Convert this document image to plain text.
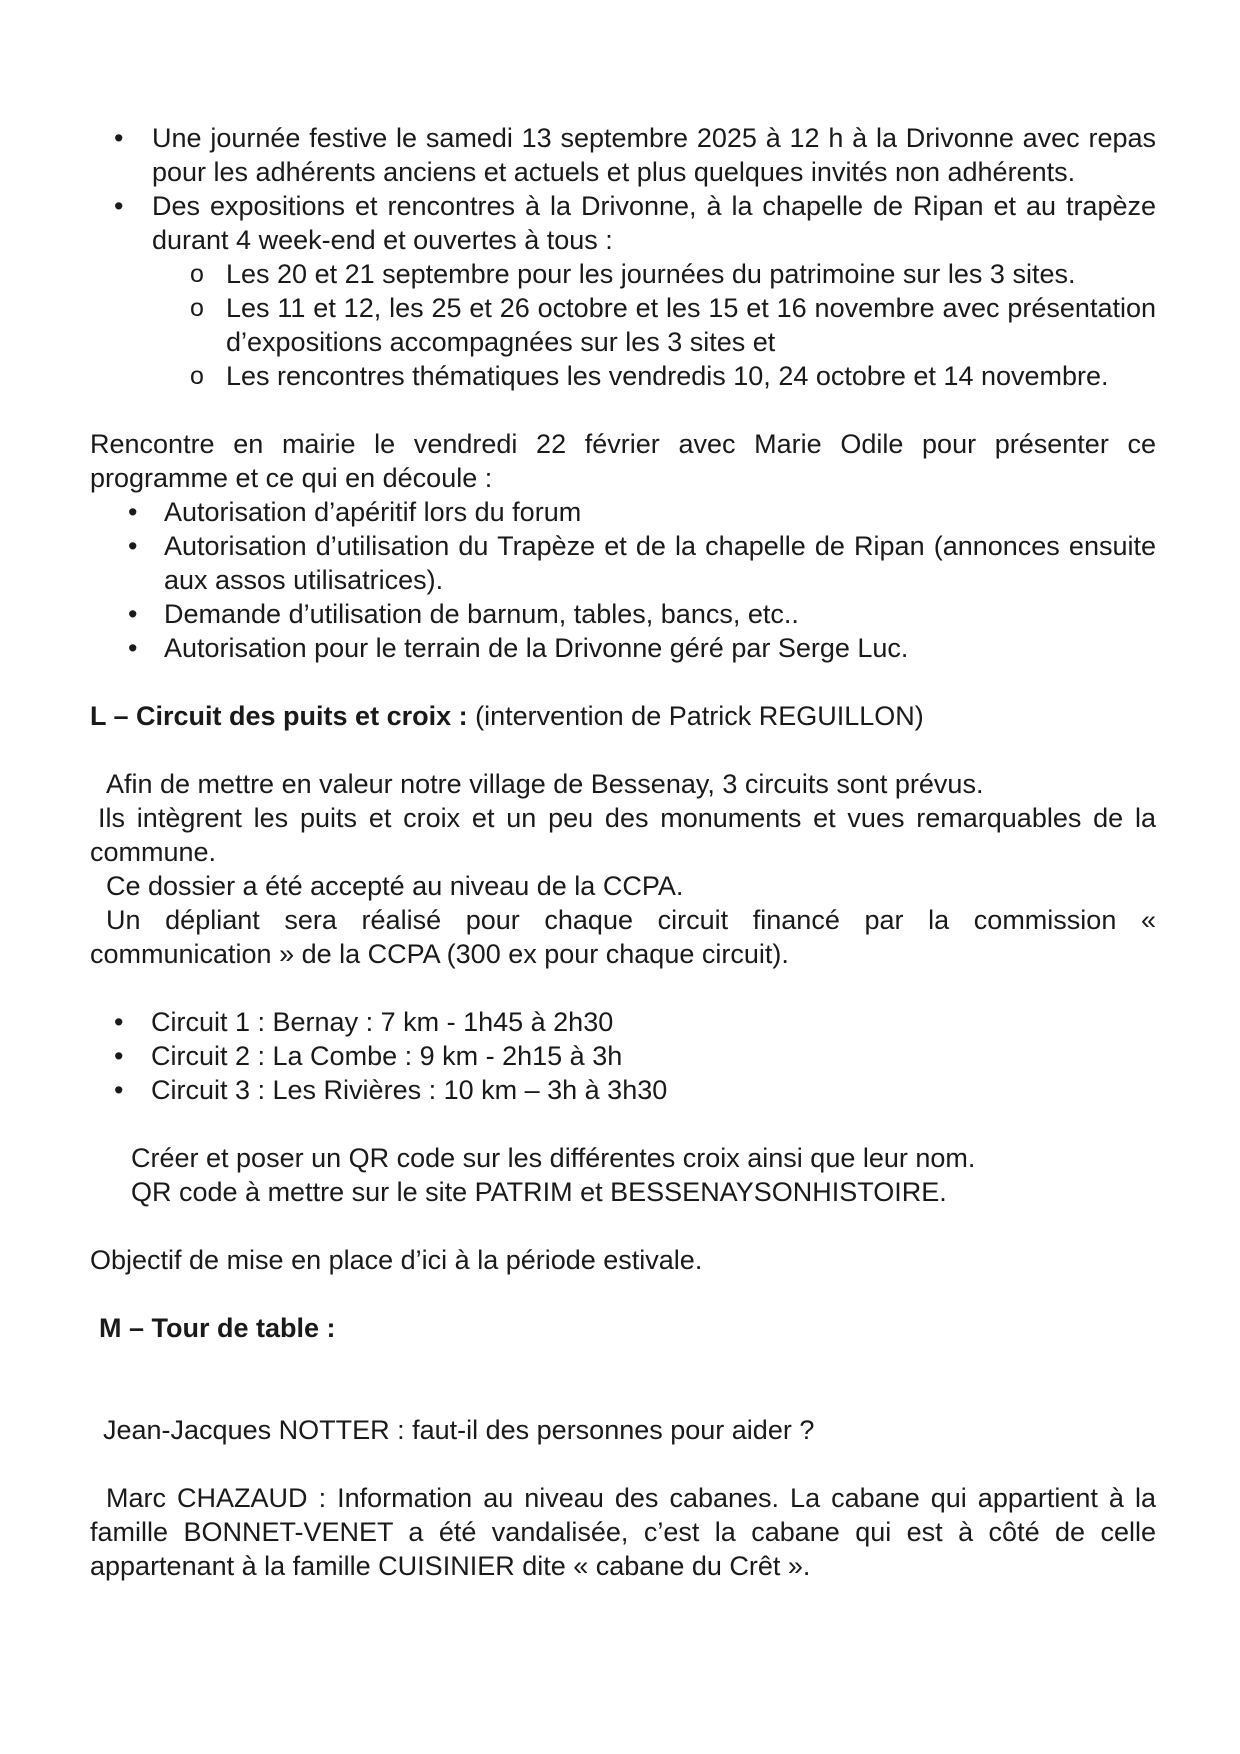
• Une journée festive le samedi 13 septembre 2025 à 12 h à la Drivonne avec repas pour les adhérents anciens et actuels et plus quelques invités non adhérents.
• Des expositions et rencontres à la Drivonne, à la chapelle de Ripan et au trapèze durant 4 week-end et ouvertes à tous :
o Les 20 et 21 septembre pour les journées du patrimoine sur les 3 sites.
o Les 11 et 12, les 25 et 26 octobre et les 15 et 16 novembre avec présentation d’expositions accompagnées sur les 3 sites et
o Les rencontres thématiques les vendredis 10, 24 octobre et 14 novembre.

Rencontre en mairie le vendredi 22 février avec Marie Odile pour présenter ce programme et ce qui en découle :

• Autorisation d’apéritif lors du forum
• Autorisation d’utilisation du Trapèze et de la chapelle de Ripan (annonces ensuite aux assos utilisatrices).
• Demande d’utilisation de barnum, tables, bancs, etc..
• Autorisation pour le terrain de la Drivonne géré par Serge Luc.

L – Circuit des puits et croix : (intervention de Patrick REGUILLON)

Afin de mettre en valeur notre village de Bessenay, 3 circuits sont prévus.

Ils intègrent les puits et croix et un peu des monuments et vues remarquables de la commune.

Ce dossier a été accepté au niveau de la CCPA.

Un dépliant sera réalisé pour chaque circuit financé par la commission « communication » de la CCPA (300 ex pour chaque circuit).

• Circuit 1 : Bernay : 7 km - 1h45 à 2h30
• Circuit 2 : La Combe : 9 km - 2h15 à 3h
• Circuit 3 : Les Rivières : 10 km – 3h à 3h30

Créer et poser un QR code sur les différentes croix ainsi que leur nom.

QR code à mettre sur le site PATRIM et BESSENAYSONHISTOIRE.

Objectif de mise en place d’ici à la période estivale.

M – Tour de table :

Jean-Jacques NOTTER : faut-il des personnes pour aider ?

Marc CHAZAUD : Information au niveau des cabanes. La cabane qui appartient à la famille BONNET-VENET a été vandalisée, c’est la cabane qui est à côté de celle appartenant à la famille CUISINIER dite « cabane du Crêt ».
